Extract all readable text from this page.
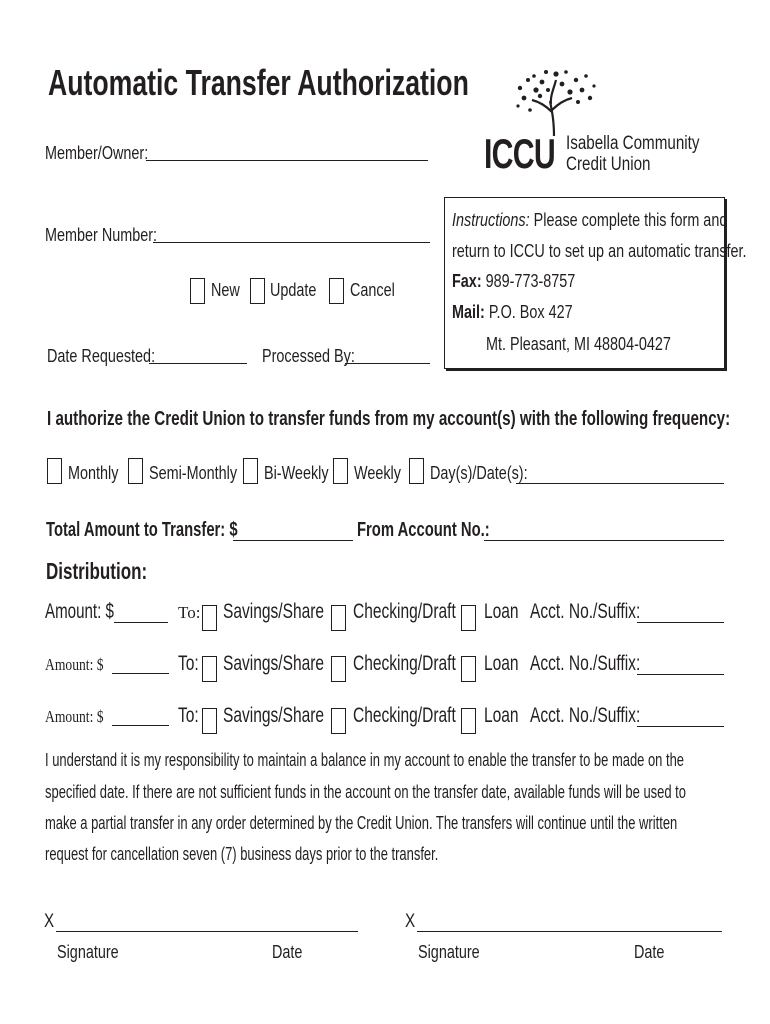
Automatic Transfer Authorization
ICCU Isabella Community
Credit Union
Member/Owner:
Member Number:
New	Update	Cancel
Date Requested:	Processed By:
Instructions: Please complete this form and
return to ICCU to set up an automatic transfer.
Fax: 989-773-8757
Mail: P.O. Box 427
Mt. Pleasant, MI 48804-0427
I authorize the Credit Union to transfer funds from my account(s) with the following frequency:
Monthly	Semi-Monthly	Bi-Weekly	Weekly	Day(s)/Date(s):
Total Amount to Transfer: $	From Account No.:
Distribution:
Amount: $	To: Savings/Share	Checking/Draft	Loan Acct. No./Suffix:
Amount: $	To:	Savings/Share	Checking/Draft	Loan Acct. No./Suffix:
Amount: $	To:	Savings/Share	Checking/Draft	Loan Acct. No./Suffix:
I understand it is my responsibility to maintain a balance in my account to enable the transfer to be made on the
specified date. If there are not sufficient funds in the account on the transfer date, available funds will be used to
make a partial transfer in any order determined by the Credit Union. The transfers will continue until the written
request for cancellation seven (7) business days prior to the transfer.
X
Signature	Date
X
Signature	Date
